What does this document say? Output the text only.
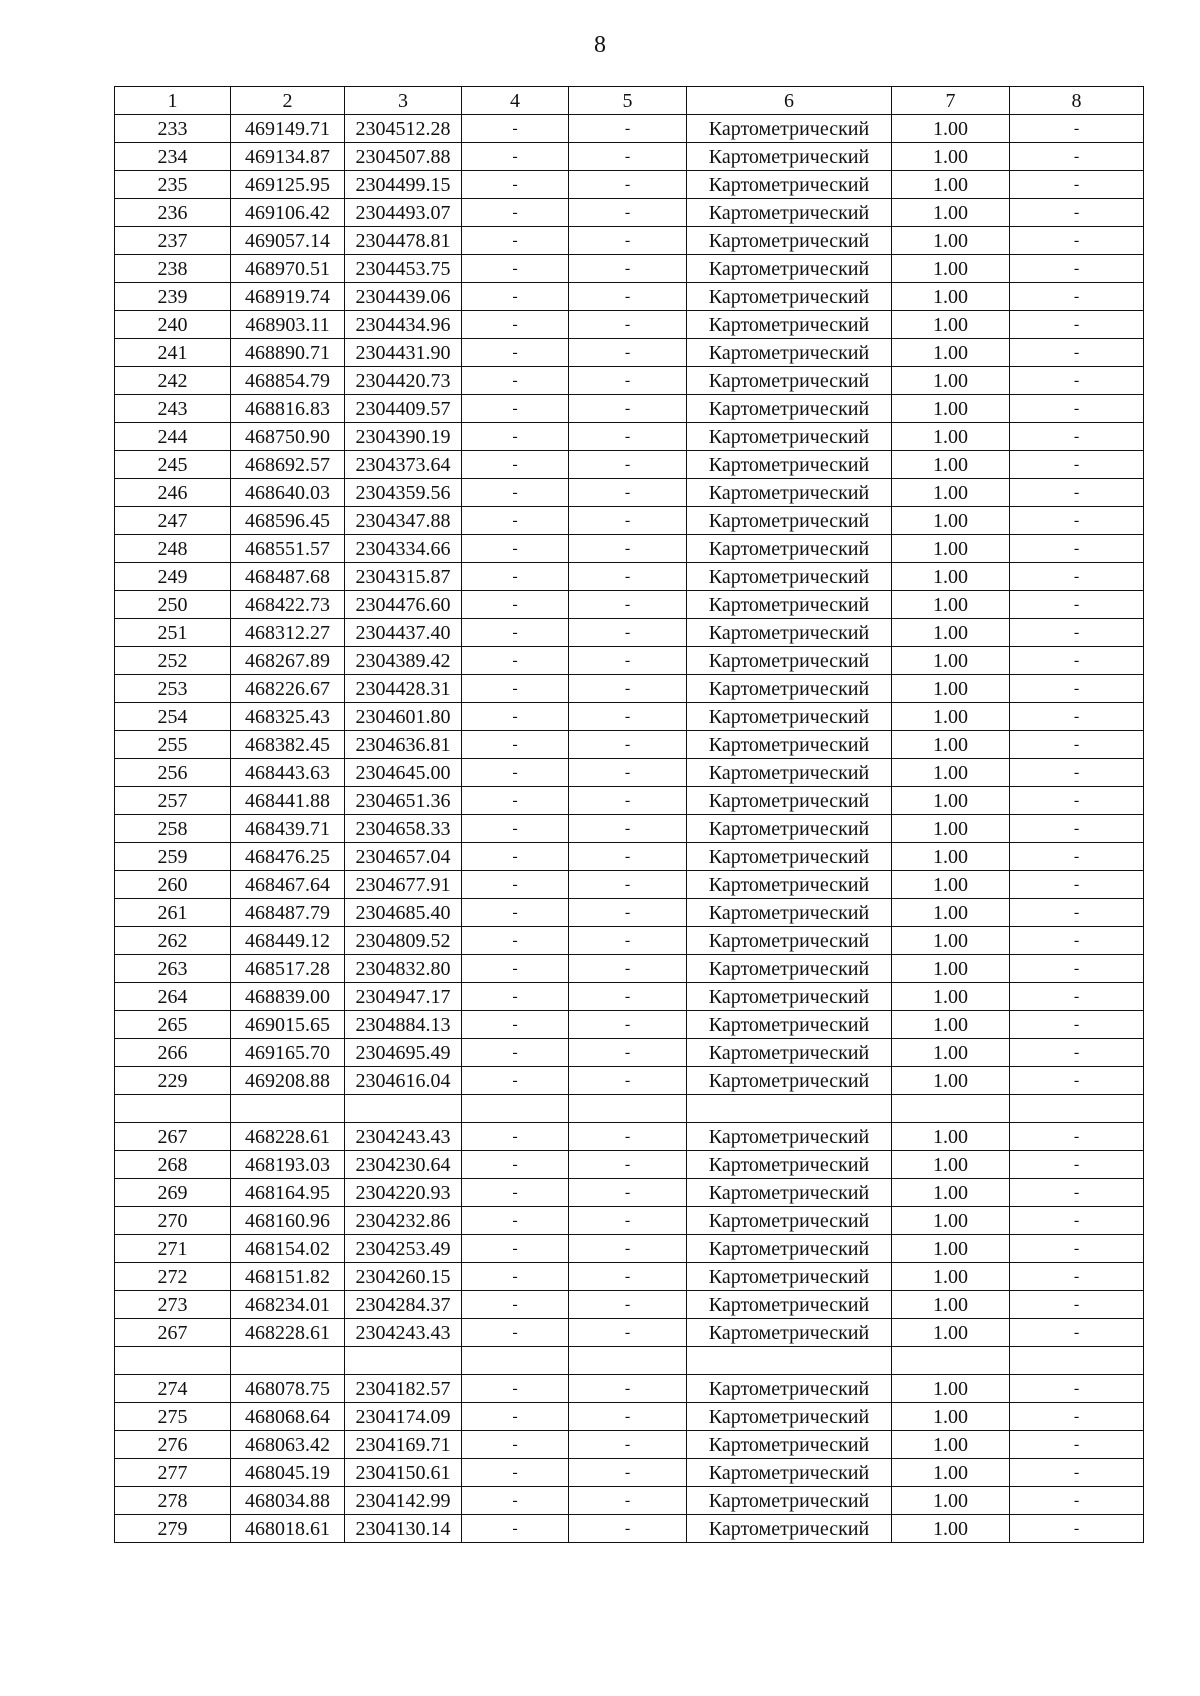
8
1	2	3	4	5	6	7	8
233	469149.71	2304512.28	-	-	Картометрический	1.00	-
234	469134.87	2304507.88	-	-	Картометрический	1.00	-
235	469125.95	2304499.15	-	-	Картометрический	1.00	-
236	469106.42	2304493.07	-	-	Картометрический	1.00	-
237	469057.14	2304478.81	-	-	Картометрический	1.00	-
238	468970.51	2304453.75	-	-	Картометрический	1.00	-
239	468919.74	2304439.06	-	-	Картометрический	1.00	-
240	468903.11	2304434.96	-	-	Картометрический	1.00	-
241	468890.71	2304431.90	-	-	Картометрический	1.00	-
242	468854.79	2304420.73	-	-	Картометрический	1.00	-
243	468816.83	2304409.57	-	-	Картометрический	1.00	-
244	468750.90	2304390.19	-	-	Картометрический	1.00	-
245	468692.57	2304373.64	-	-	Картометрический	1.00	-
246	468640.03	2304359.56	-	-	Картометрический	1.00	-
247	468596.45	2304347.88	-	-	Картометрический	1.00	-
248	468551.57	2304334.66	-	-	Картометрический	1.00	-
249	468487.68	2304315.87	-	-	Картометрический	1.00	-
250	468422.73	2304476.60	-	-	Картометрический	1.00	-
251	468312.27	2304437.40	-	-	Картометрический	1.00	-
252	468267.89	2304389.42	-	-	Картометрический	1.00	-
253	468226.67	2304428.31	-	-	Картометрический	1.00	-
254	468325.43	2304601.80	-	-	Картометрический	1.00	-
255	468382.45	2304636.81	-	-	Картометрический	1.00	-
256	468443.63	2304645.00	-	-	Картометрический	1.00	-
257	468441.88	2304651.36	-	-	Картометрический	1.00	-
258	468439.71	2304658.33	-	-	Картометрический	1.00	-
259	468476.25	2304657.04	-	-	Картометрический	1.00	-
260	468467.64	2304677.91	-	-	Картометрический	1.00	-
261	468487.79	2304685.40	-	-	Картометрический	1.00	-
262	468449.12	2304809.52	-	-	Картометрический	1.00	-
263	468517.28	2304832.80	-	-	Картометрический	1.00	-
264	468839.00	2304947.17	-	-	Картометрический	1.00	-
265	469015.65	2304884.13	-	-	Картометрический	1.00	-
266	469165.70	2304695.49	-	-	Картометрический	1.00	-
229	469208.88	2304616.04	-	-	Картометрический	1.00	-

267	468228.61	2304243.43	-	-	Картометрический	1.00	-
268	468193.03	2304230.64	-	-	Картометрический	1.00	-
269	468164.95	2304220.93	-	-	Картометрический	1.00	-
270	468160.96	2304232.86	-	-	Картометрический	1.00	-
271	468154.02	2304253.49	-	-	Картометрический	1.00	-
272	468151.82	2304260.15	-	-	Картометрический	1.00	-
273	468234.01	2304284.37	-	-	Картометрический	1.00	-
267	468228.61	2304243.43	-	-	Картометрический	1.00	-

274	468078.75	2304182.57	-	-	Картометрический	1.00	-
275	468068.64	2304174.09	-	-	Картометрический	1.00	-
276	468063.42	2304169.71	-	-	Картометрический	1.00	-
277	468045.19	2304150.61	-	-	Картометрический	1.00	-
278	468034.88	2304142.99	-	-	Картометрический	1.00	-
279	468018.61	2304130.14	-	-	Картометрический	1.00	-
